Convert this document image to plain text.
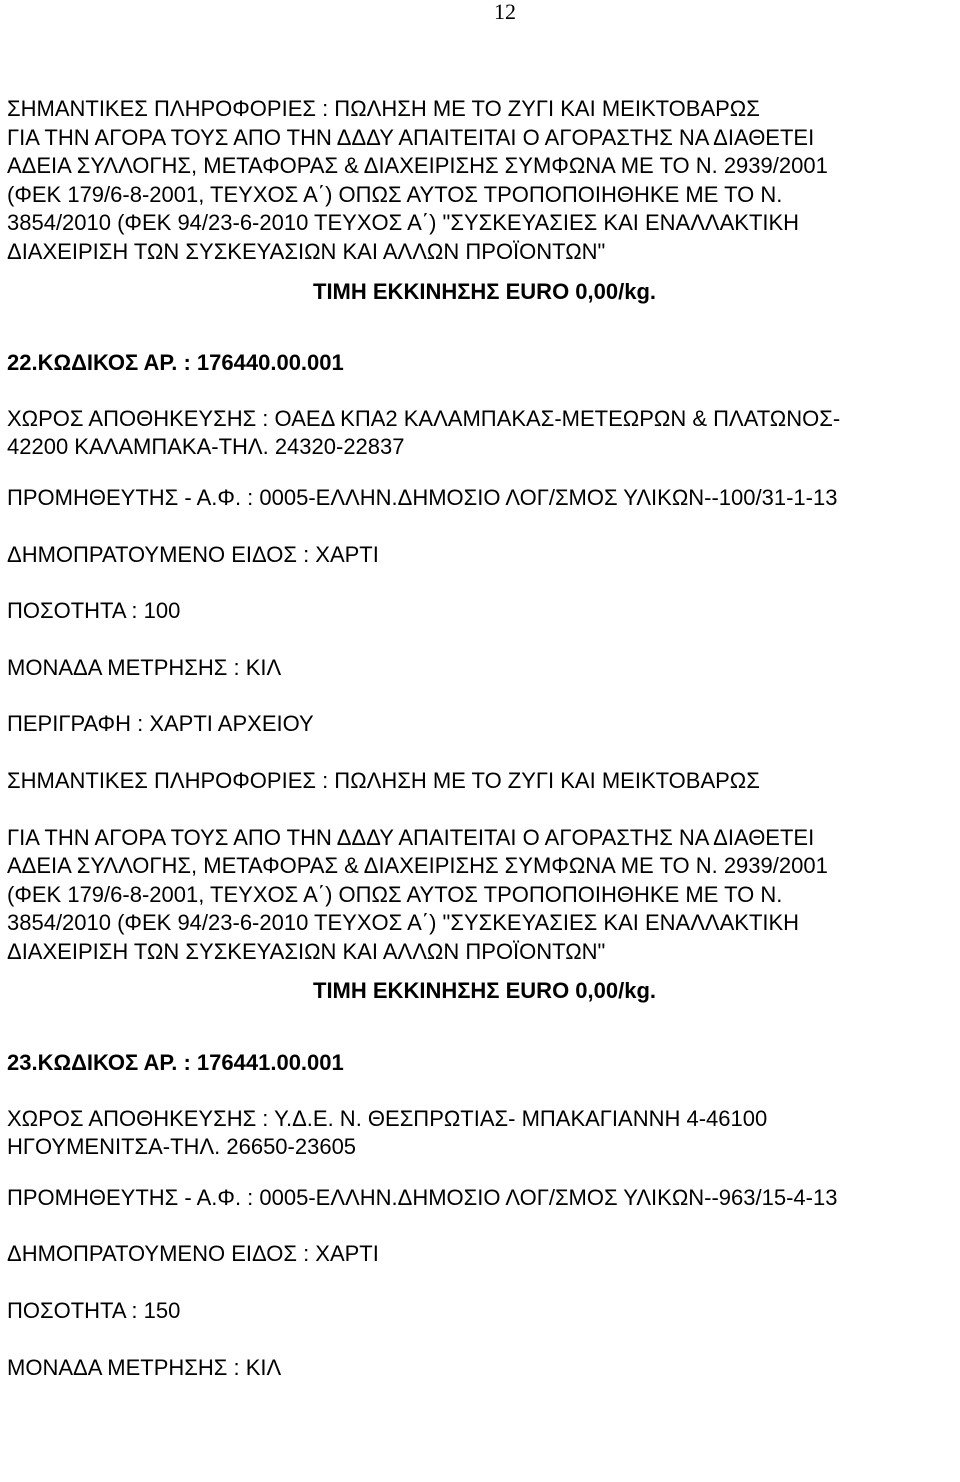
12

ΣΗΜΑΝΤΙΚΕΣ ΠΛΗΡΟΦΟΡΙΕΣ : ΠΩΛΗΣΗ ΜΕ ΤΟ ΖΥΓΙ ΚΑΙ ΜΕΙΚΤΟΒΑΡΩΣ

ΓΙΑ ΤΗΝ ΑΓΟΡΑ ΤΟΥΣ ΑΠΟ ΤΗΝ ΔΔΔΥ ΑΠΑΙΤΕΙΤΑΙ Ο ΑΓΟΡΑΣΤΗΣ ΝΑ ΔΙΑΘΕΤΕΙ

ΑΔΕΙΑ ΣΥΛΛΟΓΗΣ, ΜΕΤΑΦΟΡΑΣ & ΔΙΑΧΕΙΡΙΣΗΣ ΣΥΜΦΩΝΑ ΜΕ ΤΟ Ν. 2939/2001

(ΦΕΚ 179/6-8-2001, ΤΕΥΧΟΣ Α΄) ΟΠΩΣ ΑΥΤΟΣ ΤΡΟΠΟΠΟΙΗΘΗΚΕ ΜΕ ΤΟ Ν.

3854/2010 (ΦΕΚ 94/23-6-2010 ΤΕΥΧΟΣ Α΄) "ΣΥΣΚΕΥΑΣΙΕΣ ΚΑΙ ΕΝΑΛΛΑΚΤΙΚΗ

ΔΙΑΧΕΙΡΙΣΗ ΤΩΝ ΣΥΣΚΕΥΑΣΙΩΝ ΚΑΙ ΑΛΛΩΝ ΠΡΟΪΟΝΤΩΝ"

ΤΙΜΗ ΕΚΚΙΝΗΣΗΣ EURO 0,00/kg.

22.ΚΩΔΙΚΟΣ ΑΡ. : 176440.00.001

ΧΩΡΟΣ ΑΠΟΘΗΚΕΥΣΗΣ : ΟΑΕΔ ΚΠΑ2 ΚΑΛΑΜΠΑΚΑΣ-ΜΕΤΕΩΡΩΝ & ΠΛΑΤΩΝΟΣ-

42200 ΚΑΛΑΜΠΑΚΑ-ΤΗΛ. 24320-22837

ΠΡΟΜΗΘΕΥΤΗΣ - Α.Φ. : 0005-ΕΛΛΗΝ.ΔΗΜΟΣΙΟ ΛΟΓ/ΣΜΟΣ ΥΛΙΚΩΝ--100/31-1-13

ΔΗΜΟΠΡΑΤΟΥΜΕΝΟ ΕΙΔΟΣ : ΧΑΡΤΙ

ΠΟΣΟΤΗΤΑ : 100

ΜΟΝΑΔΑ ΜΕΤΡΗΣΗΣ : ΚΙΛ

ΠΕΡΙΓΡΑΦΗ : ΧΑΡΤΙ ΑΡΧΕΙΟΥ

ΣΗΜΑΝΤΙΚΕΣ ΠΛΗΡΟΦΟΡΙΕΣ : ΠΩΛΗΣΗ ΜΕ ΤΟ ΖΥΓΙ ΚΑΙ ΜΕΙΚΤΟΒΑΡΩΣ

ΓΙΑ ΤΗΝ ΑΓΟΡΑ ΤΟΥΣ ΑΠΟ ΤΗΝ ΔΔΔΥ ΑΠΑΙΤΕΙΤΑΙ Ο ΑΓΟΡΑΣΤΗΣ ΝΑ ΔΙΑΘΕΤΕΙ

ΑΔΕΙΑ ΣΥΛΛΟΓΗΣ, ΜΕΤΑΦΟΡΑΣ & ΔΙΑΧΕΙΡΙΣΗΣ ΣΥΜΦΩΝΑ ΜΕ ΤΟ Ν. 2939/2001

(ΦΕΚ 179/6-8-2001, ΤΕΥΧΟΣ Α΄) ΟΠΩΣ ΑΥΤΟΣ ΤΡΟΠΟΠΟΙΗΘΗΚΕ ΜΕ ΤΟ Ν.

3854/2010 (ΦΕΚ 94/23-6-2010 ΤΕΥΧΟΣ Α΄) "ΣΥΣΚΕΥΑΣΙΕΣ ΚΑΙ ΕΝΑΛΛΑΚΤΙΚΗ

ΔΙΑΧΕΙΡΙΣΗ ΤΩΝ ΣΥΣΚΕΥΑΣΙΩΝ ΚΑΙ ΑΛΛΩΝ ΠΡΟΪΟΝΤΩΝ"

ΤΙΜΗ ΕΚΚΙΝΗΣΗΣ EURO 0,00/kg.

23.ΚΩΔΙΚΟΣ ΑΡ. : 176441.00.001

ΧΩΡΟΣ ΑΠΟΘΗΚΕΥΣΗΣ : Υ.Δ.Ε. Ν. ΘΕΣΠΡΩΤΙΑΣ- ΜΠΑΚΑΓΙΑΝΝΗ 4-46100

ΗΓΟΥΜΕΝΙΤΣΑ-ΤΗΛ. 26650-23605

ΠΡΟΜΗΘΕΥΤΗΣ - Α.Φ. : 0005-ΕΛΛΗΝ.ΔΗΜΟΣΙΟ ΛΟΓ/ΣΜΟΣ ΥΛΙΚΩΝ--963/15-4-13

ΔΗΜΟΠΡΑΤΟΥΜΕΝΟ ΕΙΔΟΣ : ΧΑΡΤΙ

ΠΟΣΟΤΗΤΑ : 150

ΜΟΝΑΔΑ ΜΕΤΡΗΣΗΣ : ΚΙΛ
